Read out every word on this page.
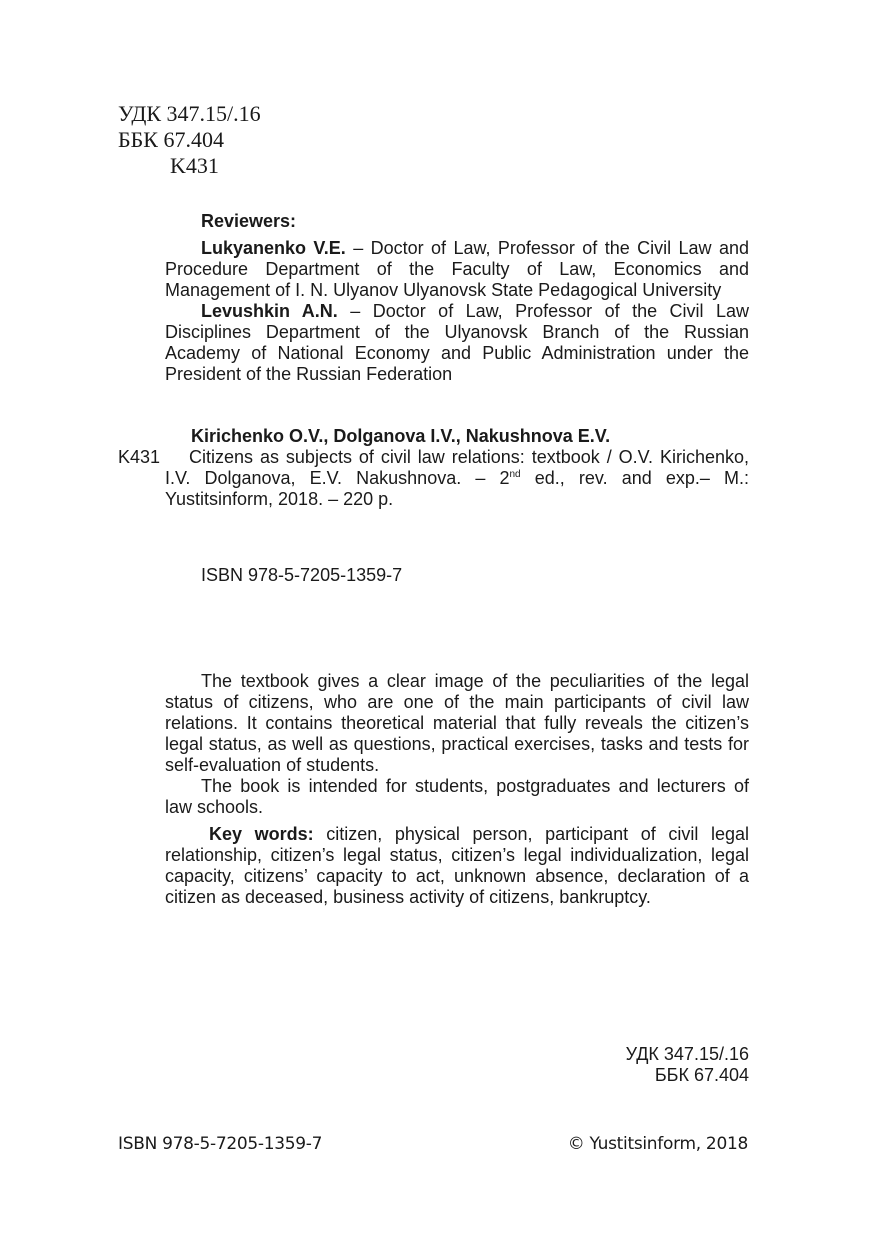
УДК 347.15/.16
ББК 67.404
K431
Reviewers:
Lukyanenko V.E. – Doctor of Law, Professor of the Civil Law and Procedure Department of the Faculty of Law, Economics and Management of I. N. Ulyanov Ulyanovsk State Pedagogical University
Levushkin A.N. – Doctor of Law, Professor of the Civil Law Disciplines Department of the Ulyanovsk Branch of the Russian Academy of National Economy and Public Administration under the President of the Russian Federation
Kirichenko O.V., Dolganova I.V., Nakushnova E.V.
K431	Citizens as subjects of civil law relations: textbook / O.V. Kirichenko, I.V. Dolganova, E.V. Nakushnova. – 2nd ed., rev. and exp.– M.: Yustitsinform, 2018. – 220 p.
ISBN 978-5-7205-1359-7
The textbook gives a clear image of the peculiarities of the legal status of citizens, who are one of the main participants of civil law relations. It contains theoretical material that fully reveals the citizen’s legal status, as well as questions, practical exercises, tasks and tests for self-evaluation of students.
The book is intended for students, postgraduates and lecturers of law schools.
Key words: citizen, physical person, participant of civil legal relationship, citizen’s legal status, citizen’s legal individualization, legal capacity, citizens’ capacity to act, unknown absence, declaration of a citizen as deceased, business activity of citizens, bankruptcy.
УДК 347.15/.16
ББК 67.404
ISBN 978-5-7205-1359-7	© Yustitsinform, 2018
